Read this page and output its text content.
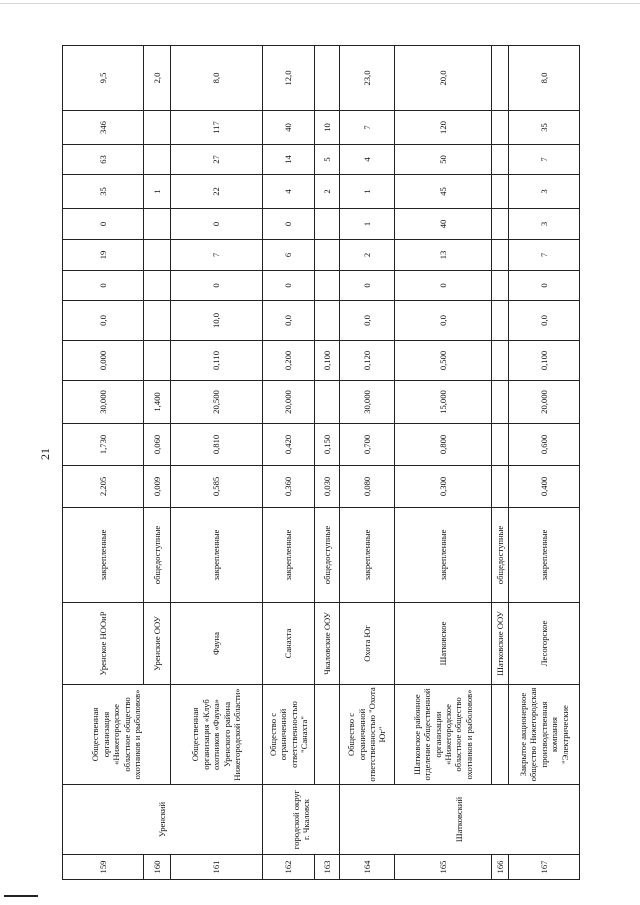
21
159	Уренский	Общественная организация «Нижегородское областное общество охотников и рыболовов»	Уренское НООиР	закрепленные	2,205	1,730	30,000	0,000	0,0	0	19	0	35	63	346	9,5
160			Уренские ООУ	общедоступные	0,009	0,060	1,400						1			2,0
161		Общественная организация «Клуб охотников «Фауна» Уренского района Нижегородской области»	Фауна	закрепленные	0,585	0,810	20,500	0,110	10,0	0	7	0	22	27	117	8,0
162	городской округ г. Чкаловск	Общество с ограниченной ответственностью "Санахта"	Санахта	закрепленные	0,360	0,420	20,000	0,200	0,0	0	6	0	4	14	40	12,0
163			Чкаловские ООУ	общедоступные	0,030	0,150		0,100					2	5	10	
164	Шатковский	Общество с ограниченной ответственностью "Охота Юг"	Охота Юг	закрепленные	0,080	0,700	30,000	0,120	0,0	0	2	1	1	4	7	23,0
165		Шатковское районное отделение общественной организации «Нижегородское областное общество охотников и рыболовов»	Шатковское	закрепленные	0,300	0,800	15,000	0,500	0,0	0	13	40	45	50	120	20,0
166			Шатковские ООУ	общедоступные												
167		Закрытое акционерное общество Нижегородская производственная компания "Электрические	Лесогорское	закрепленные	0,400	0,600	20,000	0,100	0,0	0	7	3	3	7	35	8,0
